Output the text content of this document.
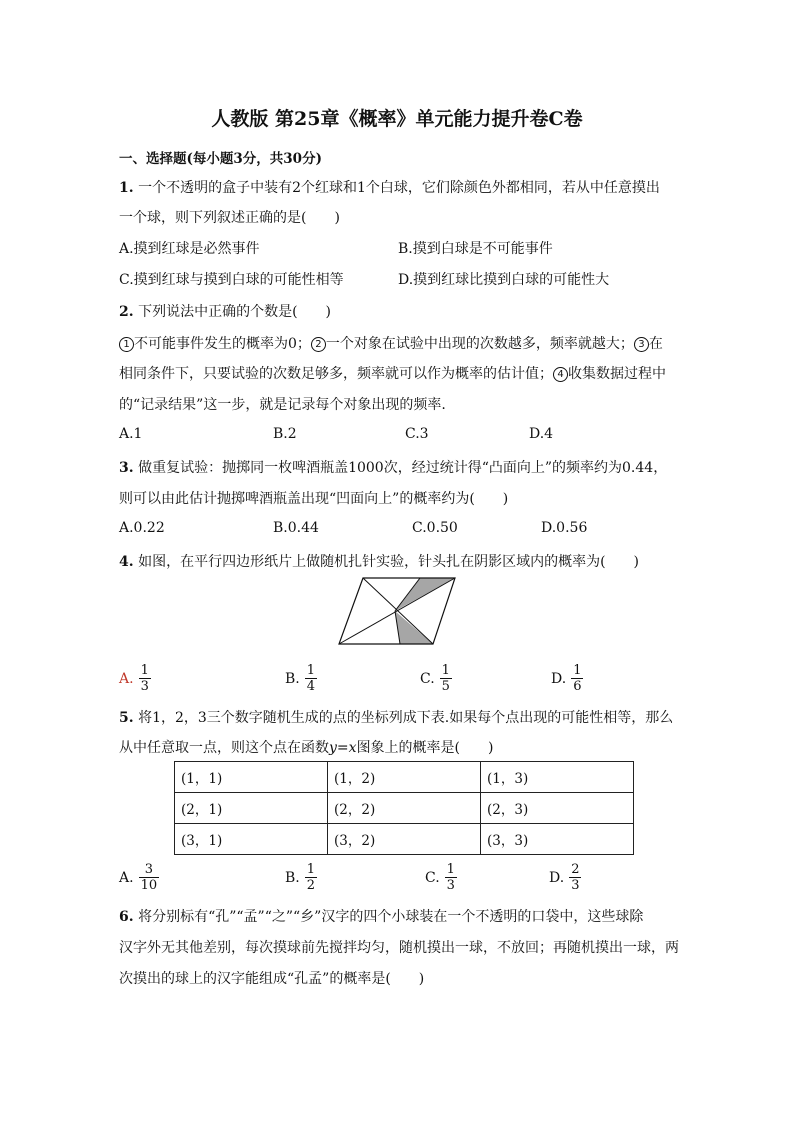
人教版 第25章《概率》单元能力提升卷C卷
一、选择题(每小题3分，共30分)
1. 一个不透明的盒子中装有2个红球和1个白球，它们除颜色外都相同，若从中任意摸出
一个球，则下列叙述正确的是(　　)
A.摸到红球是必然事件	B.摸到白球是不可能事件
C.摸到红球与摸到白球的可能性相等	D.摸到红球比摸到白球的可能性大
2. 下列说法中正确的个数是(　　)
1 不可能事件发生的概率为0； 2 一个对象在试验中出现的次数越多，频率就越大； 3 在
相同条件下，只要试验的次数足够多，频率就可以作为概率的估计值； 4 收集数据过程中
的“记录结果”这一步，就是记录每个对象出现的频率.
A.1	B.2	C.3	D.4
3. 做重复试验：抛掷同一枚啤酒瓶盖1000次，经过统计得“凸面向上”的频率约为0.44，
则可以由此估计抛掷啤酒瓶盖出现“凹面向上”的概率约为(　　)
A.0.22	B.0.44	C.0.50	D.0.56
4. 如图，在平行四边形纸片上做随机扎针实验，针头扎在阴影区域内的概率为(　　)
A. $\frac{1}{3}$	B. $\frac{1}{4}$	C. $\frac{1}{5}$	D. $\frac{1}{6}$
5. 将1，2，3三个数字随机生成的点的坐标列成下表.如果每个点出现的可能性相等，那么
从中任意取一点，则这个点在函数y=x图象上的概率是(　　)
(1，1)	(1，2)	(1，3)
(2，1)	(2，2)	(2，3)
(3，1)	(3，2)	(3，3)
A. $\frac{3}{10}$	B. $\frac{1}{2}$	C. $\frac{1}{3}$	D. $\frac{2}{3}$
6. 将分别标有“孔”“孟”“之”“乡”汉字的四个小球装在一个不透明的口袋中，这些球除
汉字外无其他差别，每次摸球前先搅拌均匀，随机摸出一球，不放回；再随机摸出一球，两
次摸出的球上的汉字能组成“孔孟”的概率是(　　)
